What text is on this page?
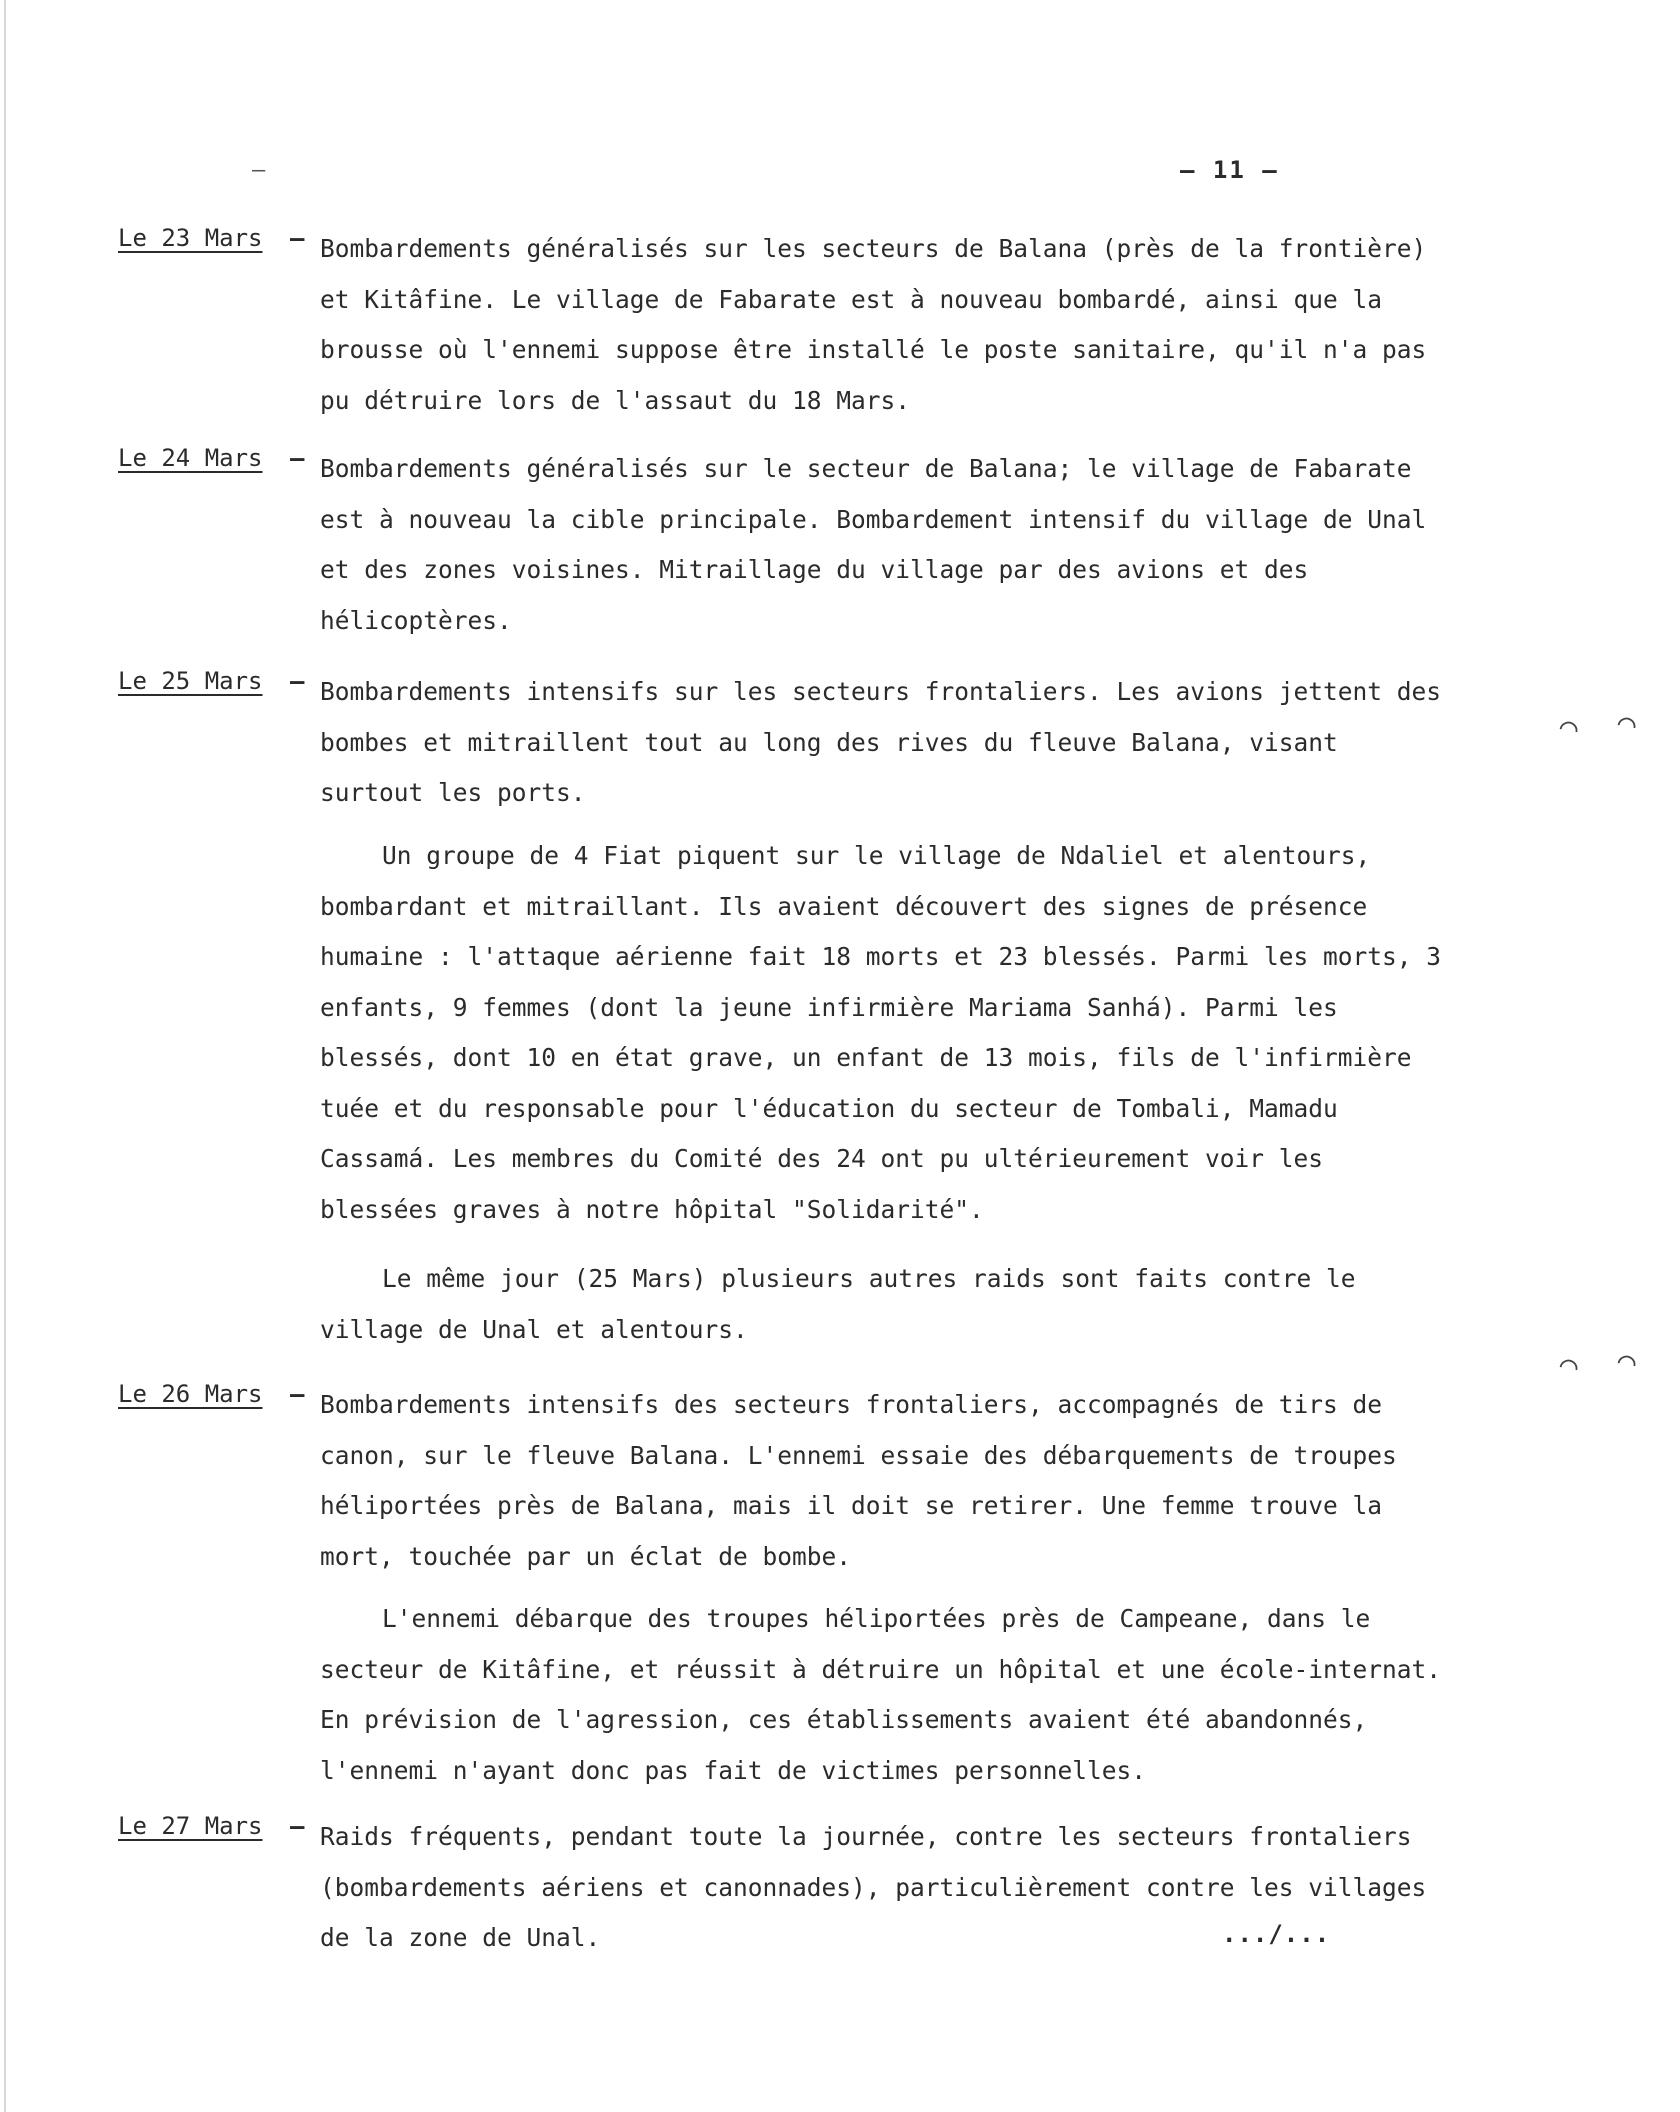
–	– 11 –
Le 23 Mars – Bombardements généralisés sur les secteurs de Balana (près de la frontière) et Kitâfine. Le village de Fabarate est à nouveau bombardé, ainsi que la brousse où l'ennemi suppose être installé le poste sanitaire, qu'il n'a pas pu détruire lors de l'assaut du 18 Mars.

Le 24 Mars – Bombardements généralisés sur le secteur de Balana; le village de Fabarate est à nouveau la cible principale. Bombardement intensif du village de Unal et des zones voisines. Mitraillage du village par des avions et des hélicoptères.

Le 25 Mars – Bombardements intensifs sur les secteurs frontaliers. Les avions jettent des bombes et mitraillent tout au long des rives du fleuve Balana, visant surtout les ports.

Un groupe de 4 Fiat piquent sur le village de Ndaliel et alentours, bombardant et mitraillant. Ils avaient découvert des signes de présence humaine : l'attaque aérienne fait 18 morts et 23 blessés. Parmi les morts, 3 enfants, 9 femmes (dont la jeune infirmière Mariama Sanhá). Parmi les blessés, dont 10 en état grave, un enfant de 13 mois, fils de l'infirmière tuée et du responsable pour l'éducation du secteur de Tombali, Mamadu Cassamá. Les membres du Comité des 24 ont pu ultérieurement voir les blessées graves à notre hôpital "Solidarité".

Le même jour (25 Mars) plusieurs autres raids sont faits contre le village de Unal et alentours.

Le 26 Mars – Bombardements intensifs des secteurs frontaliers, accompagnés de tirs de canon, sur le fleuve Balana. L'ennemi essaie des débarquements de troupes héliportées près de Balana, mais il doit se retirer. Une femme trouve la mort, touchée par un éclat de bombe.

L'ennemi débarque des troupes héliportées près de Campeane, dans le secteur de Kitâfine, et réussit à détruire un hôpital et une école-internat. En prévision de l'agression, ces établissements avaient été abandonnés, l'ennemi n'ayant donc pas fait de victimes personnelles.

Le 27 Mars – Raids fréquents, pendant toute la journée, contre les secteurs frontaliers (bombardements aériens et canonnades), particulièrement contre les villages de la zone de Unal.	.../...
⌒ ⌒
⌒ ⌒
